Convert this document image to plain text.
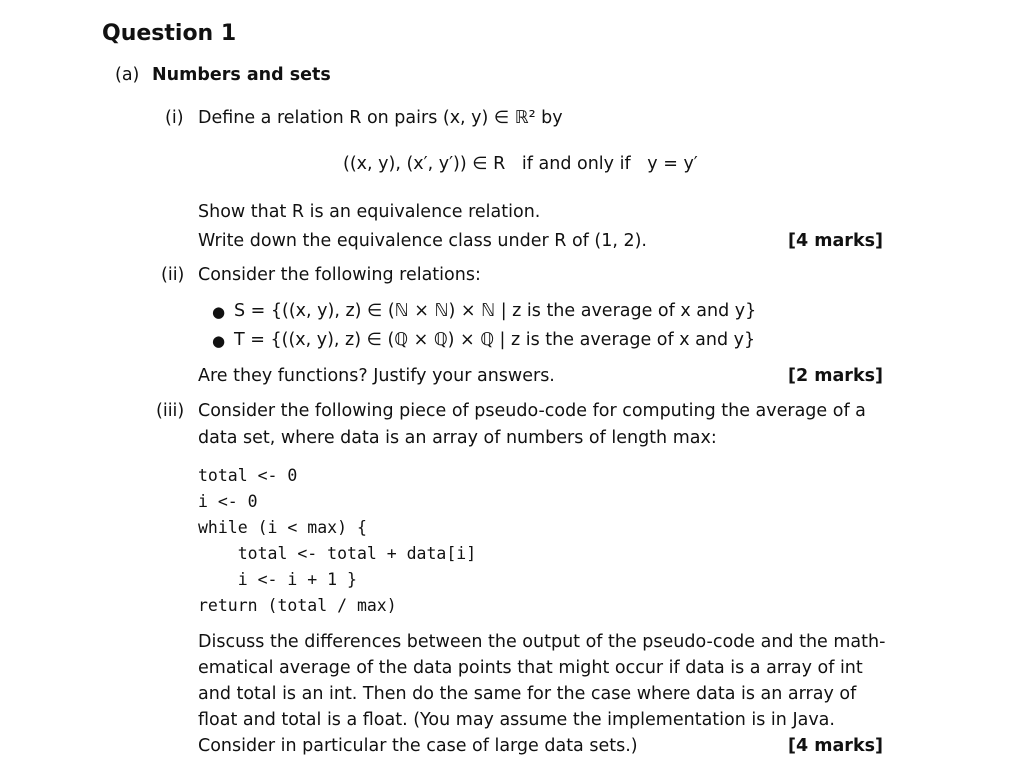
Question 1
(a) Numbers and sets
(i) Define a relation R on pairs (x, y) ∈ ℝ² by
((x, y), (x′, y′)) ∈ R   if and only if   y = y′
Show that R is an equivalence relation.
Write down the equivalence class under R of (1, 2).	[4 marks]
(ii) Consider the following relations:
● S = {((x, y), z) ∈ (ℕ × ℕ) × ℕ | z is the average of x and y}
● T = {((x, y), z) ∈ (ℚ × ℚ) × ℚ | z is the average of x and y}
Are they functions? Justify your answers.	[2 marks]
(iii) Consider the following piece of pseudo-code for computing the average of a
data set, where data is an array of numbers of length max:
total <- 0
i <- 0
while (i < max) {
total <- total + data[i]
i <- i + 1 }
return (total / max)
Discuss the differences between the output of the pseudo-code and the math-
ematical average of the data points that might occur if data is a array of int
and total is an int. Then do the same for the case where data is an array of
float and total is a float. (You may assume the implementation is in Java.
Consider in particular the case of large data sets.)	[4 marks]
